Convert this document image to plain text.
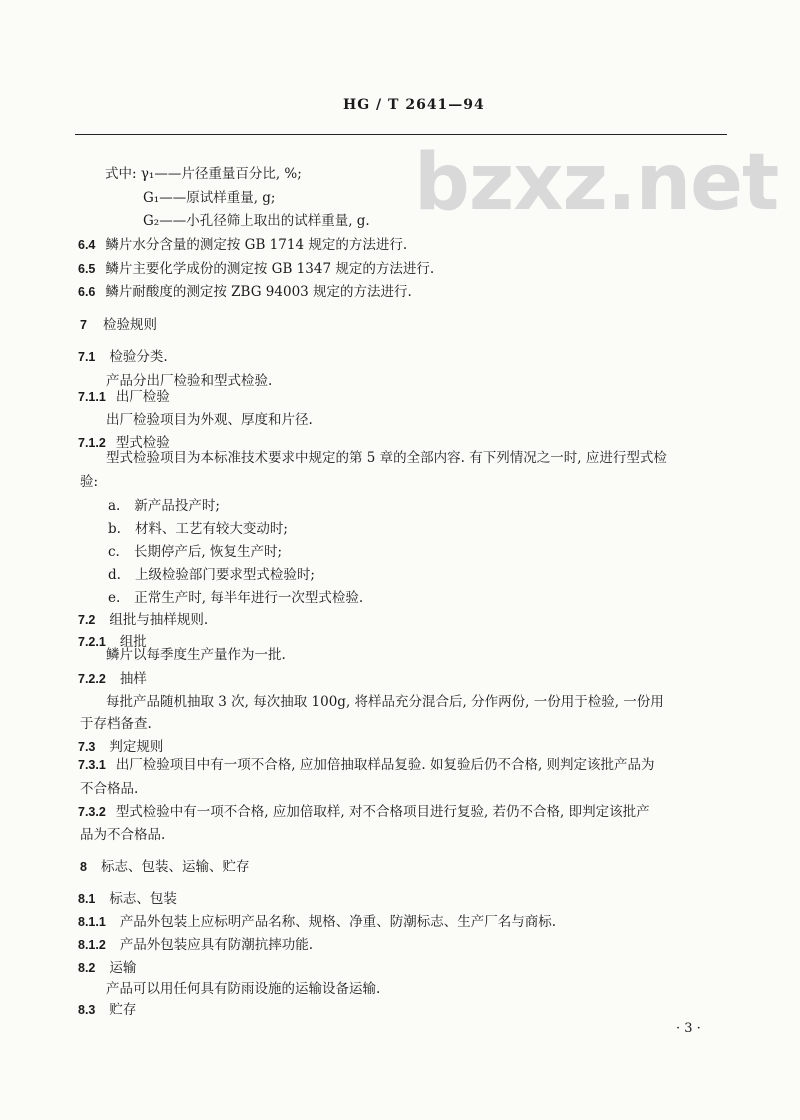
HG / T 2641—94
bzxz.net
式中: γ₁——片径重量百分比, %;
G₁——原试样重量, g;
G₂——小孔径筛上取出的试样重量, g.
6.4 鳞片水分含量的测定按 GB 1714 规定的方法进行.
6.5 鳞片主要化学成份的测定按 GB 1347 规定的方法进行.
6.6 鳞片耐酸度的测定按 ZBG 94003 规定的方法进行.
7 检验规则
7.1 检验分类.
产品分出厂检验和型式检验.
7.1.1 出厂检验
出厂检验项目为外观、厚度和片径.
7.1.2 型式检验
型式检验项目为本标准技术要求中规定的第 5 章的全部内容. 有下列情况之一时, 应进行型式检
验:
a. 新产品投产时;
b. 材料、工艺有较大变动时;
c. 长期停产后, 恢复生产时;
d. 上级检验部门要求型式检验时;
e. 正常生产时, 每半年进行一次型式检验.
7.2 组批与抽样规则.
7.2.1 组批
鳞片以每季度生产量作为一批.
7.2.2 抽样
每批产品随机抽取 3 次, 每次抽取 100g, 将样品充分混合后, 分作两份, 一份用于检验, 一份用
于存档备查.
7.3 判定规则
7.3.1 出厂检验项目中有一项不合格, 应加倍抽取样品复验. 如复验后仍不合格, 则判定该批产品为
不合格品.
7.3.2 型式检验中有一项不合格, 应加倍取样, 对不合格项目进行复验, 若仍不合格, 即判定该批产
品为不合格品.
8 标志、包装、运输、贮存
8.1 标志、包装
8.1.1 产品外包装上应标明产品名称、规格、净重、防潮标志、生产厂名与商标.
8.1.2 产品外包装应具有防潮抗摔功能.
8.2 运输
产品可以用任何具有防雨设施的运输设备运输.
8.3 贮存
· 3 ·
